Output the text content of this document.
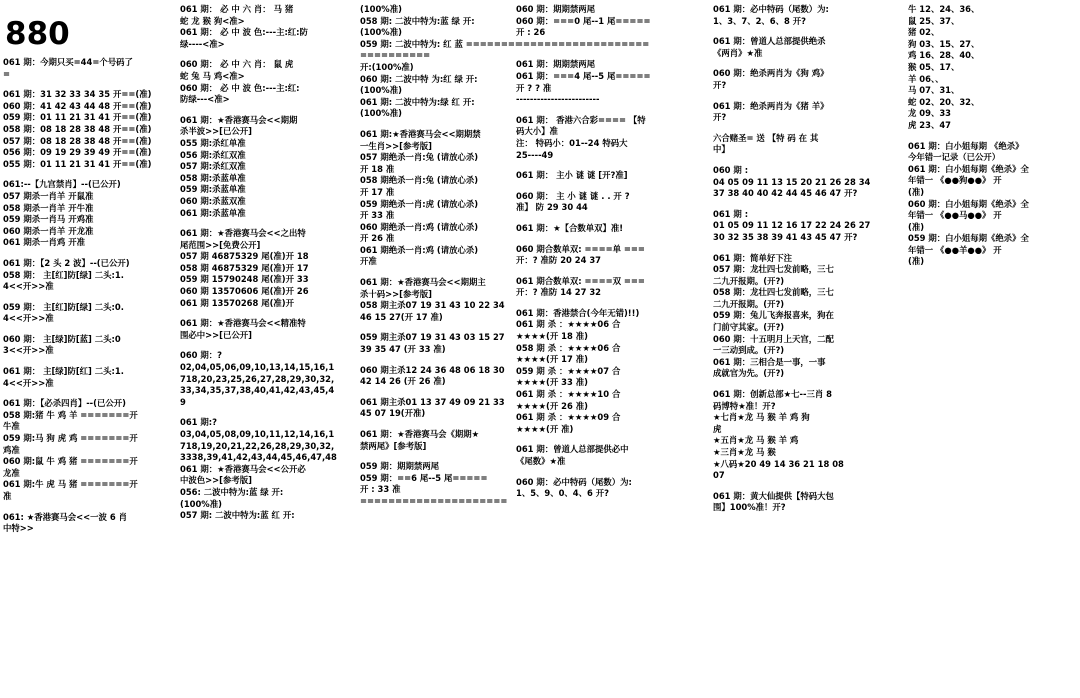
880
061 期：今期只买=44=个号码了
=
061 期：31 32 33 34 35 开==(准)
060 期：41 42 43 44 48 开==(准)
059 期：01 11 21 31 41 开==(准)
058 期：08 18 28 38 48 开==(准)
057 期：08 18 28 38 48 开==(准)
056 期：09 19 29 39 49 开==(准)
055 期：01 11 21 31 41 开==(准)
061:--【九宫禁肖】--(已公开)
057 期杀一肖羊 开鼠准
058 期杀一肖羊 开牛准
059 期杀一肖马 开鸡准
060 期杀一肖羊 开龙准
061 期杀一肖鸡 开准
061 期：【2 头 2 波】--(已公开)
058 期： 主[红]防[绿] 二头:1.
4<<开>>准
059 期： 主[红]防[绿] 二头:0.
4<<开>>准
060 期： 主[绿]防[蓝] 二头:0
3<<开>>准
061 期： 主[绿]防[红] 二头:1.
4<<开>>准
061 期：【必杀四肖】--(已公开)
058 期:猪 牛 鸡 羊 =======开
牛准
059 期:马 狗 虎 鸡 =======开
鸡准
060 期:鼠 牛 鸡 猪 =======开
龙准
061 期:牛 虎 马 猪 =======开
准
061: ★香港赛马会<<一波 6 肖
中特>>
061 期： 必 中 六 肖： 马 猪
蛇 龙 猴 狗<准>
061 期： 必 中 波 色:---主:红:防
绿----<准>
060 期： 必 中 六 肖： 鼠 虎
蛇 兔 马 鸡<准>
060 期： 必 中 波 色:---主:红:
防绿---<准>
061 期：★香港赛马会<<期期
杀半波>>[已公开]
055 期:杀红单准
056 期:杀红双准
057 期:杀红双准
058 期:杀蓝单准
059 期:杀蓝单准
060 期:杀蓝双准
061 期:杀蓝单准
061 期：★香港赛马会<<之出特
尾范围>>[免费公开]
057 期 46875329 尾(准)开 18
058 期 46875329 尾(准)开 17
059 期 15790248 尾(准)开 33
060 期 13570606 尾(准)开 26
061 期 13570268 尾(准)开
061 期：★香港赛马会<<精准特
围必中>>[已公开]
060 期：?
02,04,05,06,09,10,13,14,15,16,1
718,20,23,25,26,27,28,29,30,32,
33,34,35,37,38,40,41,42,43,45,4
9
061 期:?
03,04,05,08,09,10,11,12,14,16,1
718,19,20,21,22,26,28,29,30,32,
3338,39,41,42,43,44,45,46,47,48
061 期：★香港赛马会<<公开必
中波色>>[参考版]
056: 二波中特为:蓝 绿 开:
(100%准)
057 期: 二波中特为:蓝 红 开:
(100%准)
058 期: 二波中特为:蓝 绿 开:
(100%准)
059 期: 二波中特为: 红 蓝 ==================
开:(100%准)
060 期: 二波中特 为:红 绿 开:
(100%准)
061 期: 二波中特为:绿 红 开:
(100%准)
061 期:★香港赛马会<<期期禁
一生肖>>[参考版]
057 期绝杀一肖:兔 (请放心杀)
开 18 准
058 期绝杀一肖:兔 (请放心杀)
开 17 准
059 期绝杀一肖:虎 (请放心杀)
开 33 准
060 期绝杀一肖:鸡 (请放心杀)
开 26 准
061 期绝杀一肖:鸡 (请放心杀)
开准
061 期：★香港赛马会<<期期主
杀十码>>[参考版]
058 期主杀07 19 31 43 10 22 34
46 15 27(开 17 准)
059 期主杀07 19 31 43 03 15 27
39 35 47 (开 33 准)
060 期主杀12 24 36 48 06 18 30
42 14 26 (开 26 准)
061 期主杀01 13 37 49 09 21 33
45 07 19(开准)
061 期：★香港赛马会《期期★
禁两尾》[参考版]
059 期：期期禁两尾
059 期：==6 尾--5 尾=====
开 : 33 准
=====================
060 期：期期禁两尾
060 期：===0 尾--1 尾=====
开 : 26
===================
061 期：期期禁两尾
061 期：===4 尾--5 尾=====
开 ? ? 准
------------------------
061 期： 香港六合彩==== 【特
码大小】准
注： 特码小：01--24 特码大
25----49
061 期： 主小 谜 谜 [开?准]
060 期： 主 小 谜 谜 . . 开 ?
准】 防 29 30 44
061 期：★【合数单双】准!
060 期合数单双: ====单 ===
开：? 准防 20 24 37
061 期合数单双: ====双 ===
开：? 准防 14 27 32
061 期：香港禁合(今年无错)!!)
061 期 杀 ：★★★★06 合
★★★★(开 18 准)
058 期 杀 ：★★★★06 合
★★★★(开 17 准)
059 期 杀 ：★★★★07 合
★★★★(开 33 准)
061 期 杀 ：★★★★10 合
★★★★(开 26 准)
061 期 杀 ：★★★★09 合
★★★★(开 准)
061 期：曾道人总部提供必中
《尾数》★准
060 期：必中特码（尾数）为:
1、5、9、0、4、6 开?
061 期：必中特码（尾数）为:
1、3、7、2、6、8 开?
061 期：曾道人总部提供绝杀
《两肖》★准
060 期：绝杀两肖为《狗 鸡》
开?
061 期：绝杀两肖为《猪 羊》
开?
六合赌圣= 送 【特 码 在 其
中】
060 期 :
04 05 09 11 13 15 20 21 26 28 34
37 38 40 40 42 44 45 46 47 开?
061 期 :
01 05 09 11 12 16 17 22 24 26 27
30 32 35 38 39 41 43 45 47 开?
061 期：简单好下注
057 期：龙壮四七发前略，三七
二九开报期。(开?)
058 期：龙壮四七发前略，三七
二九开报期。(开?)
059 期：兔儿飞奔报喜来，狗在
门前守其家。(开?)
060 期：十五明月上天宫，二配
一三动到成。(开?)
061 期：三相合是一事，一事
成就官为先。(开?)
061 期：创新总部★七--三肖 8
码博特★准！开?
★七肖★龙 马 猴 羊 鸡 狗
虎
★五肖★龙 马 猴 羊 鸡
★三肖★龙 马 猴
★八码★20 49 14 36 21 18 08
07
061 期：黄大仙提供【特码大包
围】100%准！开?
牛 12、24、36、
鼠 25、37、
猪 02、
狗 03、15、27、
鸡 16、28、40、
猴 05、17、
羊 06、、
马 07、31、
蛇 02、20、32、
龙 09、33
虎 23、47
061 期：白小姐每期 《绝杀》
今年错一记录（已公开）
061 期：白小姐每期《绝杀》全
年错一 《●●狗●●》 开
(准)
060 期：白小姐每期《绝杀》全
年错一 《●●马●●》 开
(准)
059 期：白小姐每期《绝杀》全
年错一 《●●羊●●》 开
(准)
